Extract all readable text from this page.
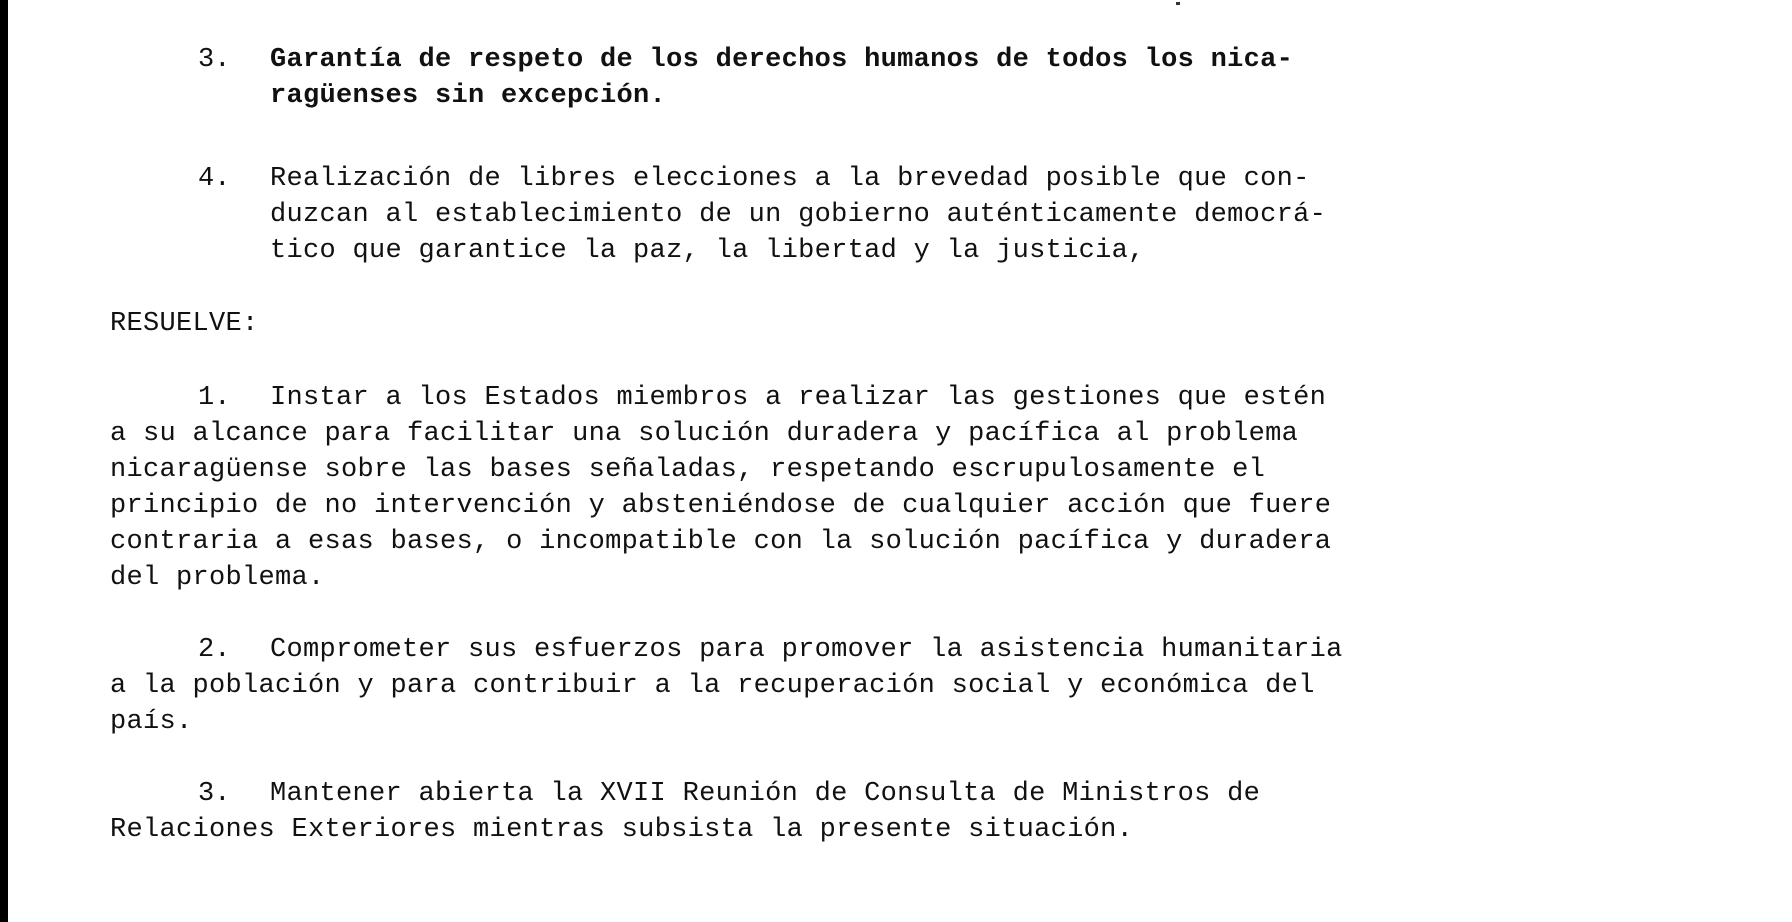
3. Garantía de respeto de los derechos humanos de todos los nica-

ragüenses sin excepción.

4. Realización de libres elecciones a la brevedad posible que con-

duzcan al establecimiento de un gobierno auténticamente democrá-

tico que garantice la paz, la libertad y la justicia,

RESUELVE:

1. Instar a los Estados miembros a realizar las gestiones que estén

a su alcance para facilitar una solución duradera y pacífica al problema

nicaragüense sobre las bases señaladas, respetando escrupulosamente el

principio de no intervención y absteniéndose de cualquier acción que fuere

contraria a esas bases, o incompatible con la solución pacífica y duradera

del problema.

2. Comprometer sus esfuerzos para promover la asistencia humanitaria

a la población y para contribuir a la recuperación social y económica del

país.

3. Mantener abierta la XVII Reunión de Consulta de Ministros de

Relaciones Exteriores mientras subsista la presente situación.
